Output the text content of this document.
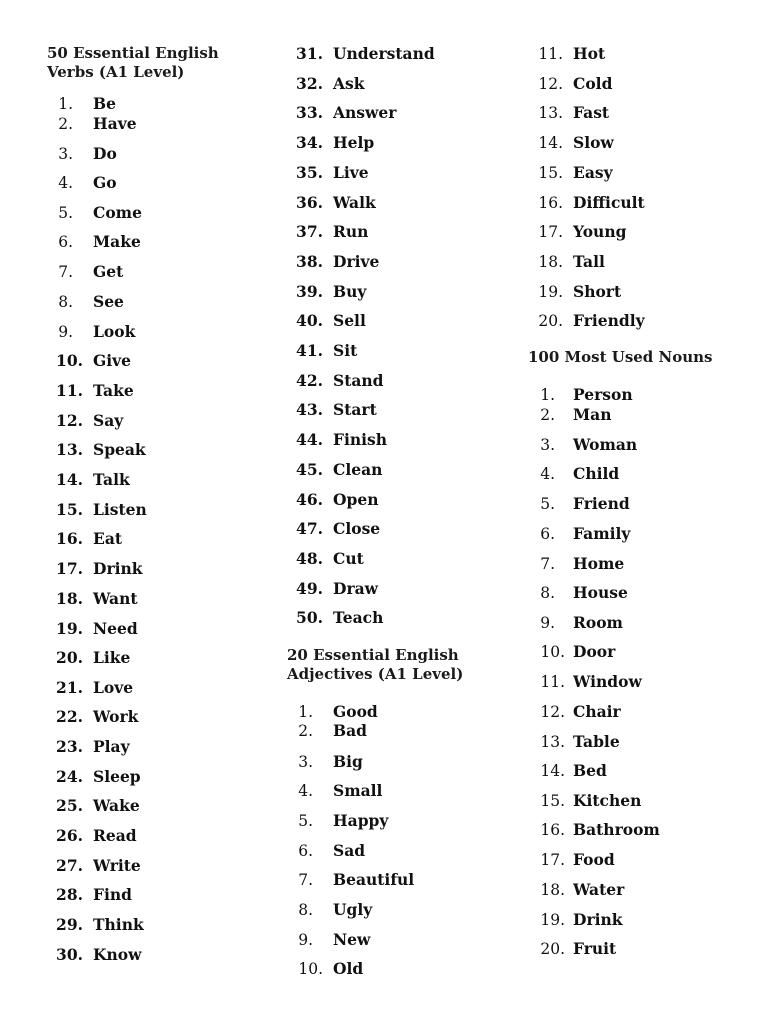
50 Essential English
Verbs (A1 Level)
20 Essential English
Adjectives (A1 Level)
100 Most Used Nouns
1. Be
2. Have
3. Do
4. Go
5. Come
6. Make
7. Get
8. See
9. Look
10. Give
11. Take
12. Say
13. Speak
14. Talk
15. Listen
16. Eat
17. Drink
18. Want
19. Need
20. Like
21. Love
22. Work
23. Play
24. Sleep
25. Wake
26. Read
27. Write
28. Find
29. Think
30. Know
31. Understand
32. Ask
33. Answer
34. Help
35. Live
36. Walk
37. Run
38. Drive
39. Buy
40. Sell
41. Sit
42. Stand
43. Start
44. Finish
45. Clean
46. Open
47. Close
48. Cut
49. Draw
50. Teach
1. Good
2. Bad
3. Big
4. Small
5. Happy
6. Sad
7. Beautiful
8. Ugly
9. New
10. Old
11. Hot
12. Cold
13. Fast
14. Slow
15. Easy
16. Difficult
17. Young
18. Tall
19. Short
20. Friendly
1. Person
2. Man
3. Woman
4. Child
5. Friend
6. Family
7. Home
8. House
9. Room
10. Door
11. Window
12. Chair
13. Table
14. Bed
15. Kitchen
16. Bathroom
17. Food
18. Water
19. Drink
20. Fruit
